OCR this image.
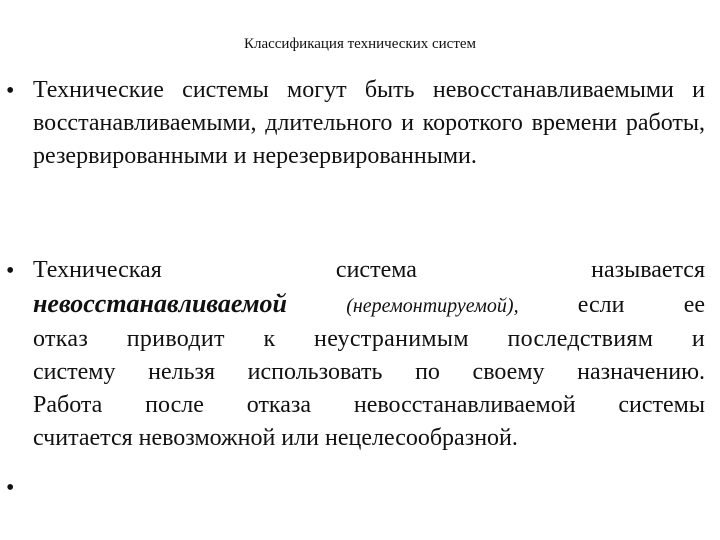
Классификация технических систем
• Технические системы могут быть невосстанавливаемыми и восстанавливаемыми, длительного и короткого времени работы, резервированными и нерезервированными.
• Техническая система называется
невосстанавливаемой	(неремонтируемой), если ее
отказ приводит к неустранимым последствиям и
систему нельзя использовать по своему назначению.
Работа после отказа невосстанавливаемой системы
считается невозможной или нецелесообразной.
•
